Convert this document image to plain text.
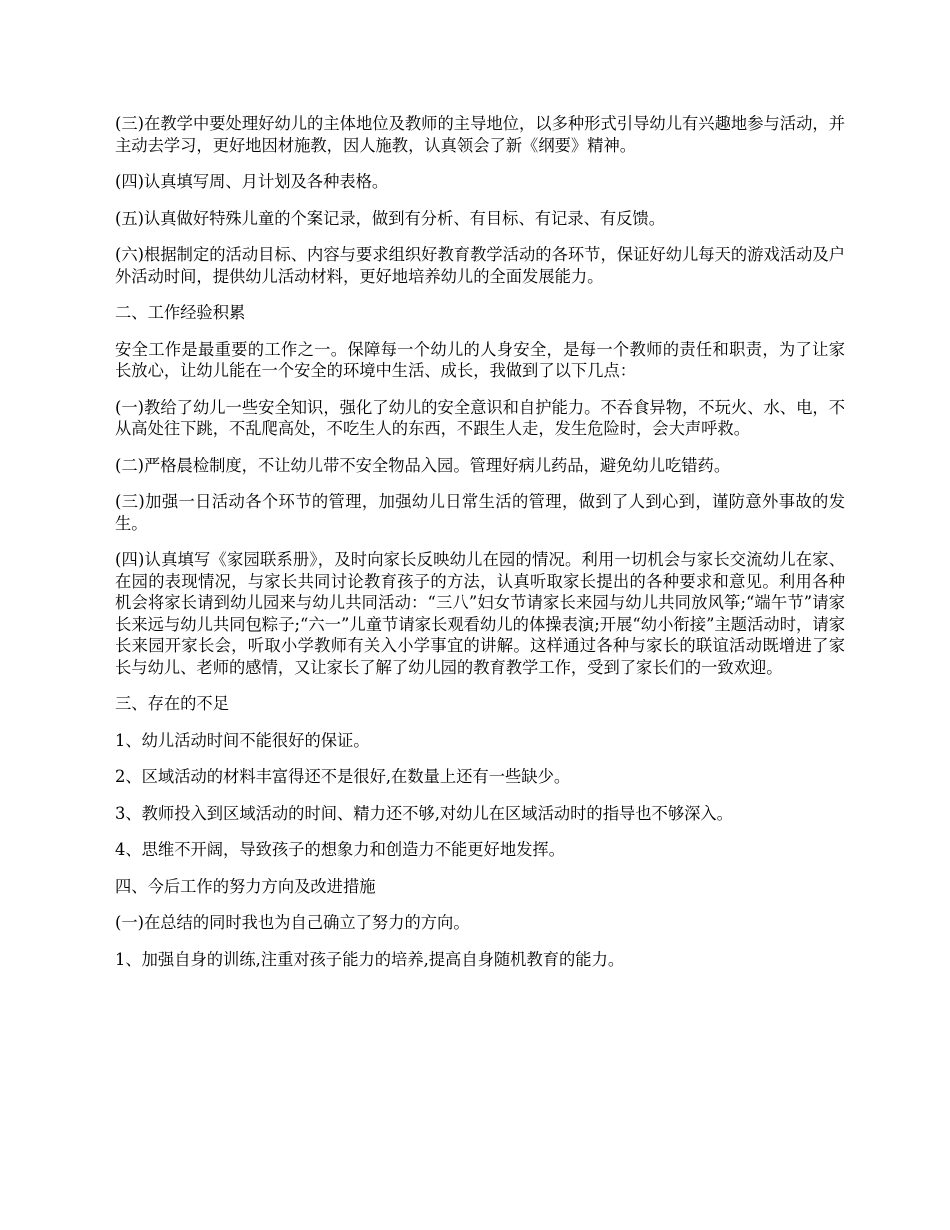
(三)在教学中要处理好幼儿的主体地位及教师的主导地位，以多种形式引导幼儿有兴趣地参与活动，并主动去学习，更好地因材施教，因人施教，认真领会了新《纲要》精神。

(四)认真填写周、月计划及各种表格。

(五)认真做好特殊儿童的个案记录，做到有分析、有目标、有记录、有反馈。

(六)根据制定的活动目标、内容与要求组织好教育教学活动的各环节，保证好幼儿每天的游戏活动及户外活动时间，提供幼儿活动材料，更好地培养幼儿的全面发展能力。

二、工作经验积累

安全工作是最重要的工作之一。保障每一个幼儿的人身安全，是每一个教师的责任和职责，为了让家长放心，让幼儿能在一个安全的环境中生活、成长，我做到了以下几点：

(一)教给了幼儿一些安全知识，强化了幼儿的安全意识和自护能力。不吞食异物，不玩火、水、电，不从高处往下跳，不乱爬高处，不吃生人的东西，不跟生人走，发生危险时，会大声呼救。

(二)严格晨检制度，不让幼儿带不安全物品入园。管理好病儿药品，避免幼儿吃错药。

(三)加强一日活动各个环节的管理，加强幼儿日常生活的管理，做到了人到心到，谨防意外事故的发生。

(四)认真填写《家园联系册》，及时向家长反映幼儿在园的情况。利用一切机会与家长交流幼儿在家、在园的表现情况，与家长共同讨论教育孩子的方法，认真听取家长提出的各种要求和意见。利用各种机会将家长请到幼儿园来与幼儿共同活动：“三八”妇女节请家长来园与幼儿共同放风筝;“端午节”请家长来远与幼儿共同包粽子;“六一”儿童节请家长观看幼儿的体操表演;开展“幼小衔接”主题活动时，请家长来园开家长会，听取小学教师有关入小学事宜的讲解。这样通过各种与家长的联谊活动既增进了家长与幼儿、老师的感情，又让家长了解了幼儿园的教育教学工作，受到了家长们的一致欢迎。

三、存在的不足

1、幼儿活动时间不能很好的保证。

2、区域活动的材料丰富得还不是很好,在数量上还有一些缺少。

3、教师投入到区域活动的时间、精力还不够,对幼儿在区域活动时的指导也不够深入。

4、思维不开阔，导致孩子的想象力和创造力不能更好地发挥。

四、今后工作的努力方向及改进措施

(一)在总结的同时我也为自己确立了努力的方向。

1、加强自身的训练,注重对孩子能力的培养,提高自身随机教育的能力。
